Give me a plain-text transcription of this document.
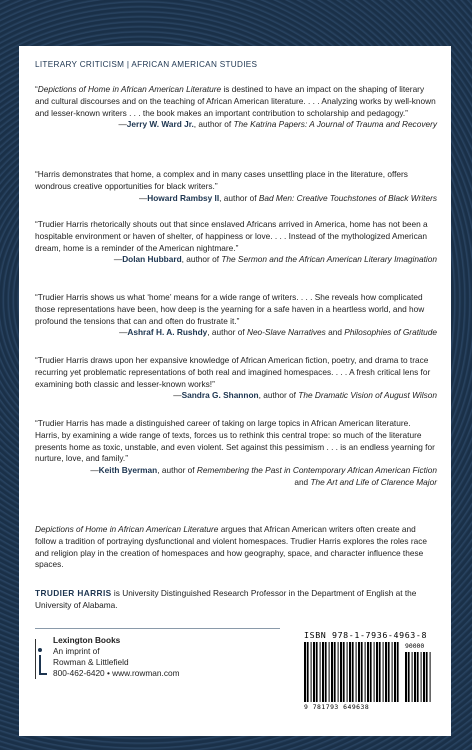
LITERARY CRITICISM | AFRICAN AMERICAN STUDIES

“Depictions of Home in African American Literature is destined to have an impact on the shaping of literary and cultural discourses and on the teaching of African American literature. . . . Analyzing works by well-known and lesser-known writers . . . the book makes an important contribution to scholarship and pedagogy.”

—Jerry W. Ward Jr., author of The Katrina Papers: A Journal of Trauma and Recovery

“Harris demonstrates that home, a complex and in many cases unsettling place in the literature, offers wondrous creative opportunities for black writers.”

—Howard Rambsy II, author of Bad Men: Creative Touchstones of Black Writers

“Trudier Harris rhetorically shouts out that since enslaved Africans arrived in America, home has not been a hospitable environment or haven of shelter, of happiness or love. . . . Instead of the mythologized American dream, home is a reminder of the American nightmare.”

—Dolan Hubbard, author of The Sermon and the African American Literary Imagination

“Trudier Harris shows us what ‘home’ means for a wide range of writers. . . . She reveals how complicated those representations have been, how deep is the yearning for a safe haven in a heartless world, and how profound the tensions that can and often do frustrate it.”

—Ashraf H. A. Rushdy, author of Neo-Slave Narratives and Philosophies of Gratitude

“Trudier Harris draws upon her expansive knowledge of African American fiction, poetry, and drama to trace recurring yet problematic representations of both real and imagined homespaces. . . . A fresh critical lens for examining both classic and lesser-known works!”

—Sandra G. Shannon, author of The Dramatic Vision of August Wilson

“Trudier Harris has made a distinguished career of taking on large topics in African American literature. Harris, by examining a wide range of texts, forces us to rethink this central trope: so much of the literature presents home as toxic, unstable, and even violent. Set against this pessimism . . . is an endless yearning for nurture, love, and family.”

—Keith Byerman, author of Remembering the Past in Contemporary African American Fiction
and The Art and Life of Clarence Major

Depictions of Home in African American Literature argues that African American writers often create and follow a tradition of portraying dysfunctional and violent homespaces. Trudier Harris explores the roles race and religion play in the creation of homespaces and how geography, space, and character influence these spaces.

TRUDIER HARRIS is University Distinguished Research Professor in the Department of English at the University of Alabama.

Lexington Books
An imprint of
Rowman & Littlefield
800-462-6420 • www.rowman.com
ISBN 978-1-7936-4963-8
90000
9 781793 649638
